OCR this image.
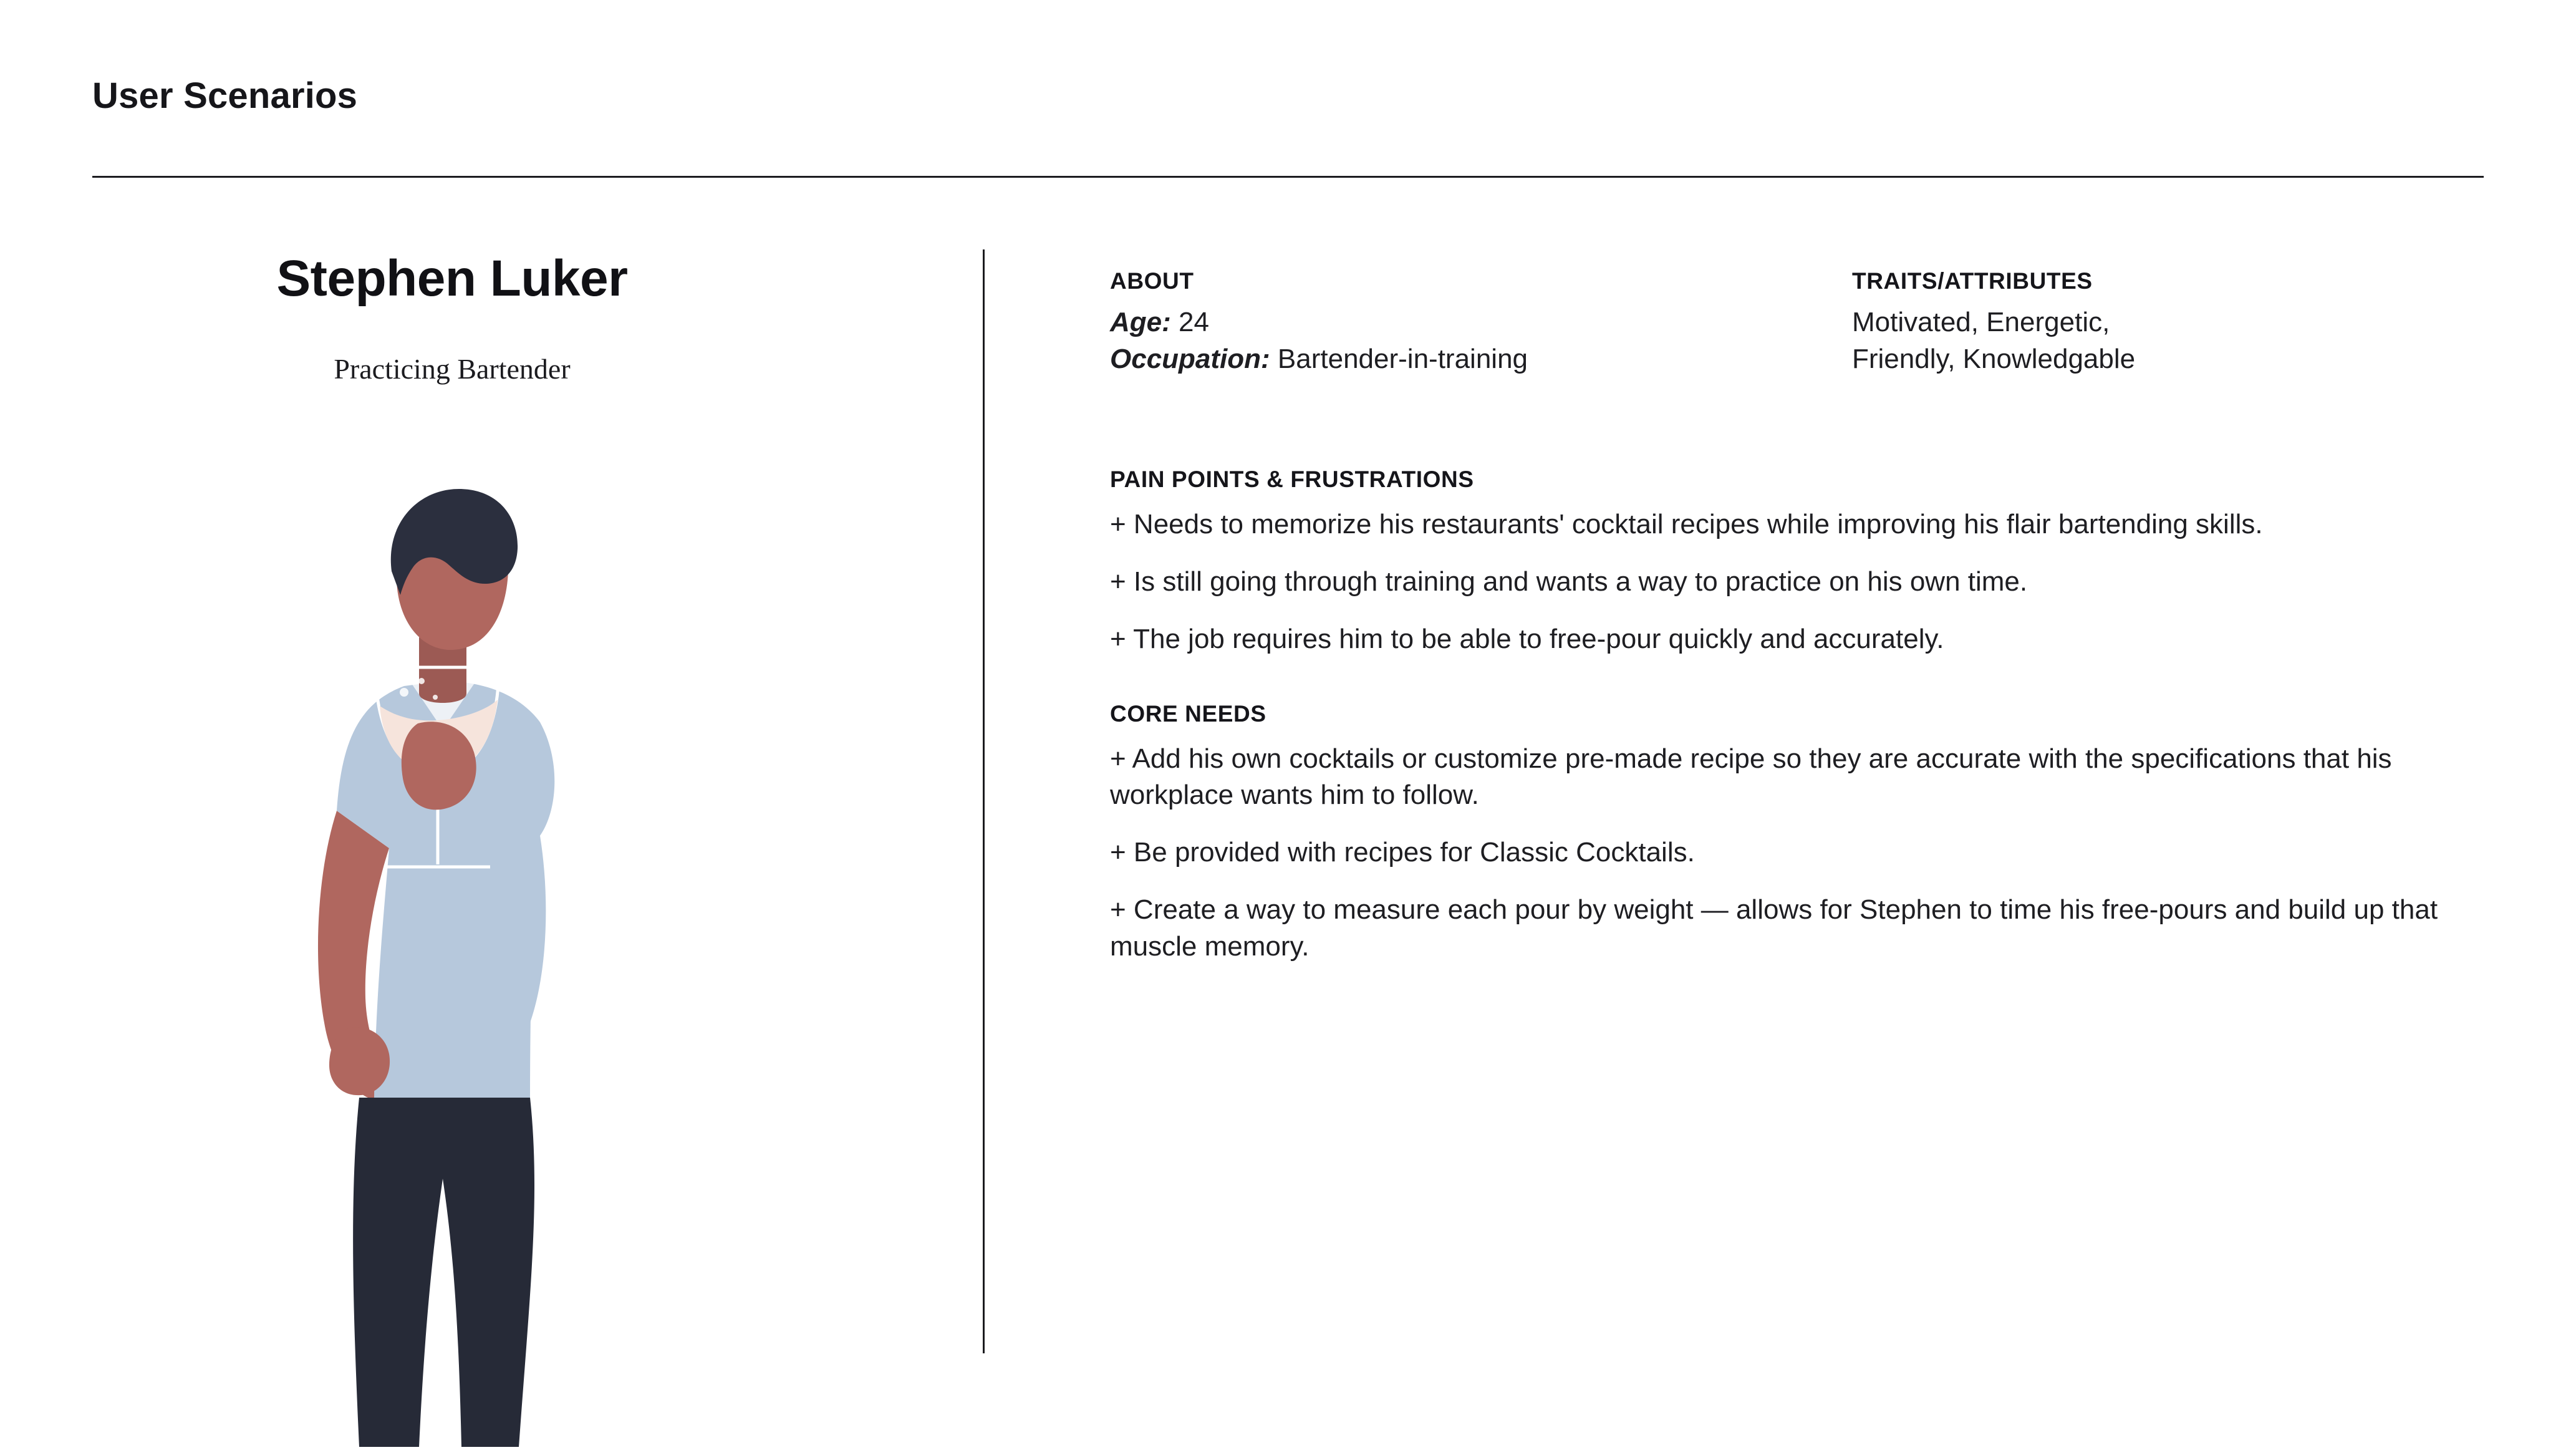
User Scenarios
Stephen Luker
Practicing Bartender
ABOUT

Age: 24

Occupation: Bartender-in-training

TRAITS/ATTRIBUTES

Motivated, Energetic,

Friendly, Knowledgable

PAIN POINTS & FRUSTRATIONS

+ Needs to memorize his restaurants' cocktail recipes while improving his flair bartending skills.

+ Is still going through training and wants a way to practice on his own time.

+ The job requires him to be able to free-pour quickly and accurately.

CORE NEEDS

+ Add his own cocktails or customize pre-made recipe so they are accurate with the specifications that his workplace wants him to follow.

+ Be provided with recipes for Classic Cocktails.

+ Create a way to measure each pour by weight — allows for Stephen to time his free-pours and build up that muscle memory.
